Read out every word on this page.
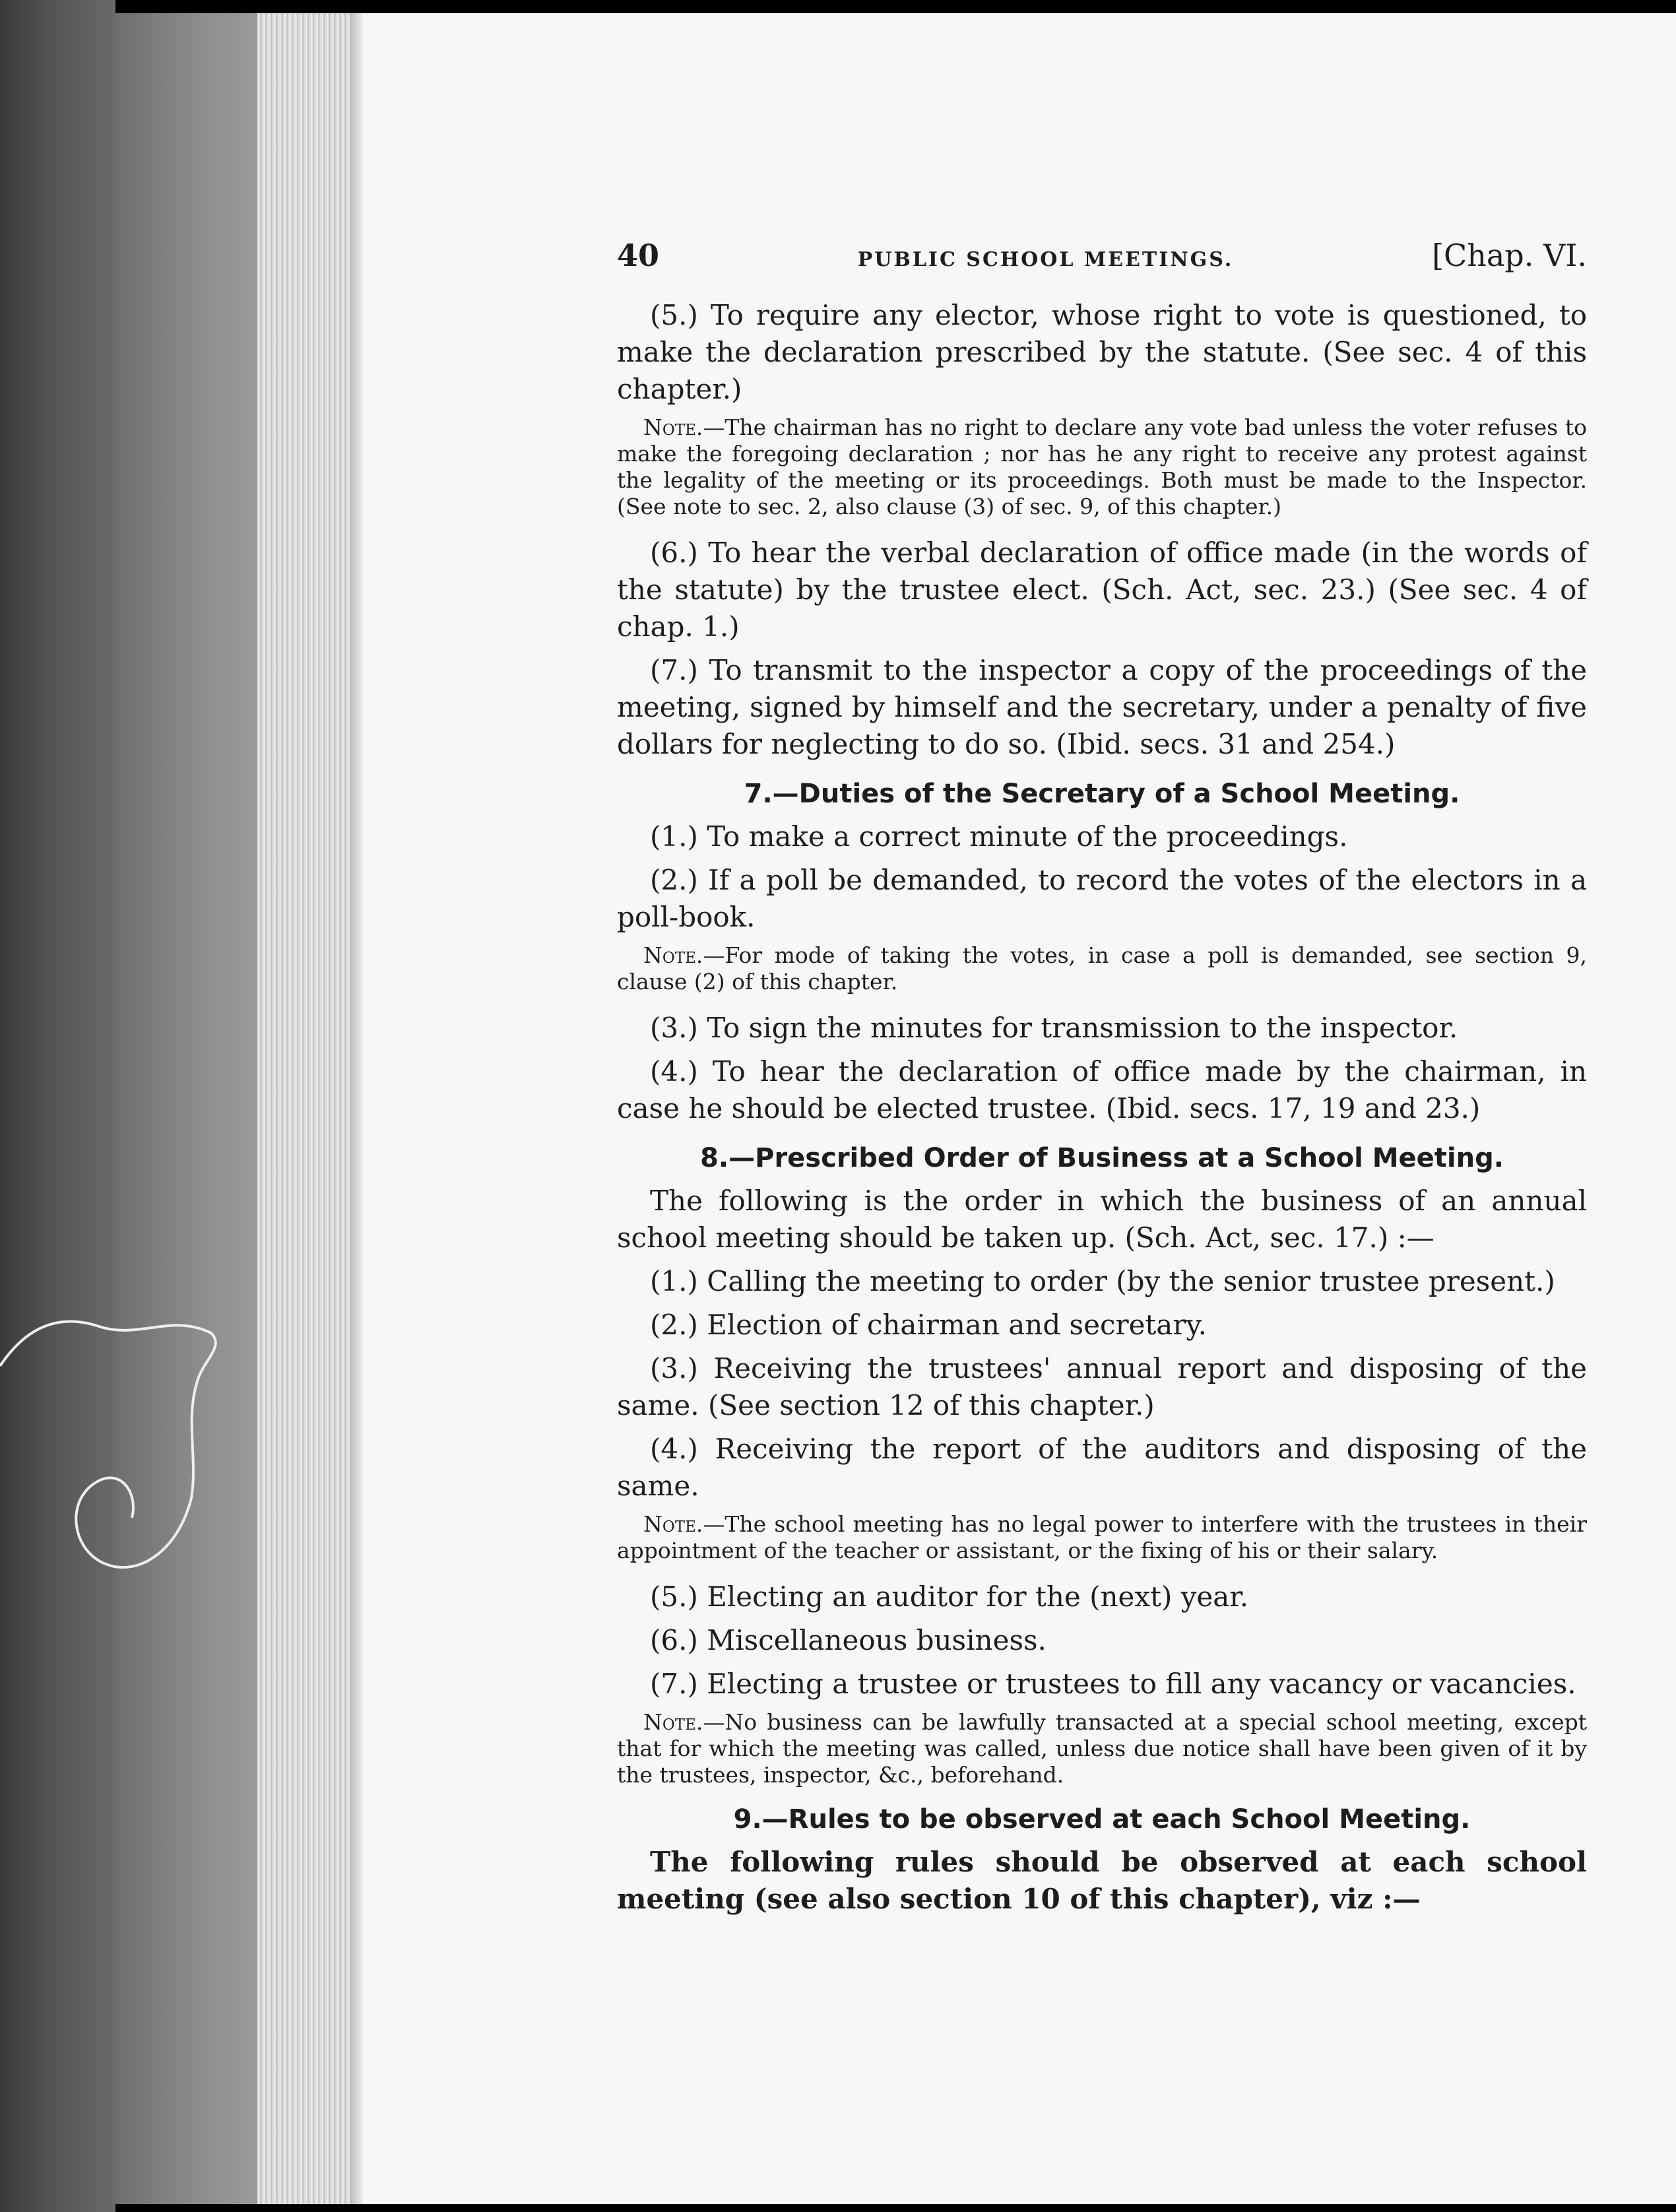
40	PUBLIC SCHOOL MEETINGS.	[Chap. VI.

(5.) To require any elector, whose right to vote is questioned, to make the declaration prescribed by the statute. (See sec. 4 of this chapter.)

Note.—The chairman has no right to declare any vote bad unless the voter refuses to make the foregoing declaration ; nor has he any right to receive any protest against the legality of the meeting or its proceedings. Both must be made to the Inspector. (See note to sec. 2, also clause (3) of sec. 9, of this chapter.)

(6.) To hear the verbal declaration of office made (in the words of the statute) by the trustee elect. (Sch. Act, sec. 23.) (See sec. 4 of chap. 1.)

(7.) To transmit to the inspector a copy of the proceedings of the meeting, signed by himself and the secretary, under a penalty of five dollars for neglecting to do so. (Ibid. secs. 31 and 254.)

7.—Duties of the Secretary of a School Meeting.

(1.) To make a correct minute of the proceedings.

(2.) If a poll be demanded, to record the votes of the electors in a poll-book.

Note.—For mode of taking the votes, in case a poll is demanded, see section 9, clause (2) of this chapter.

(3.) To sign the minutes for transmission to the inspector.

(4.) To hear the declaration of office made by the chairman, in case he should be elected trustee. (Ibid. secs. 17, 19 and 23.)

8.—Prescribed Order of Business at a School Meeting.

The following is the order in which the business of an annual school meeting should be taken up. (Sch. Act, sec. 17.) :—

(1.) Calling the meeting to order (by the senior trustee present.)

(2.) Election of chairman and secretary.

(3.) Receiving the trustees' annual report and disposing of the same. (See section 12 of this chapter.)

(4.) Receiving the report of the auditors and disposing of the same.

Note.—The school meeting has no legal power to interfere with the trustees in their appointment of the teacher or assistant, or the fixing of his or their salary.

(5.) Electing an auditor for the (next) year.

(6.) Miscellaneous business.

(7.) Electing a trustee or trustees to fill any vacancy or vacancies.

Note.—No business can be lawfully transacted at a special school meeting, except that for which the meeting was called, unless due notice shall have been given of it by the trustees, inspector, &c., beforehand.

9.—Rules to be observed at each School Meeting.

The following rules should be observed at each school meeting (see also section 10 of this chapter), viz :—
